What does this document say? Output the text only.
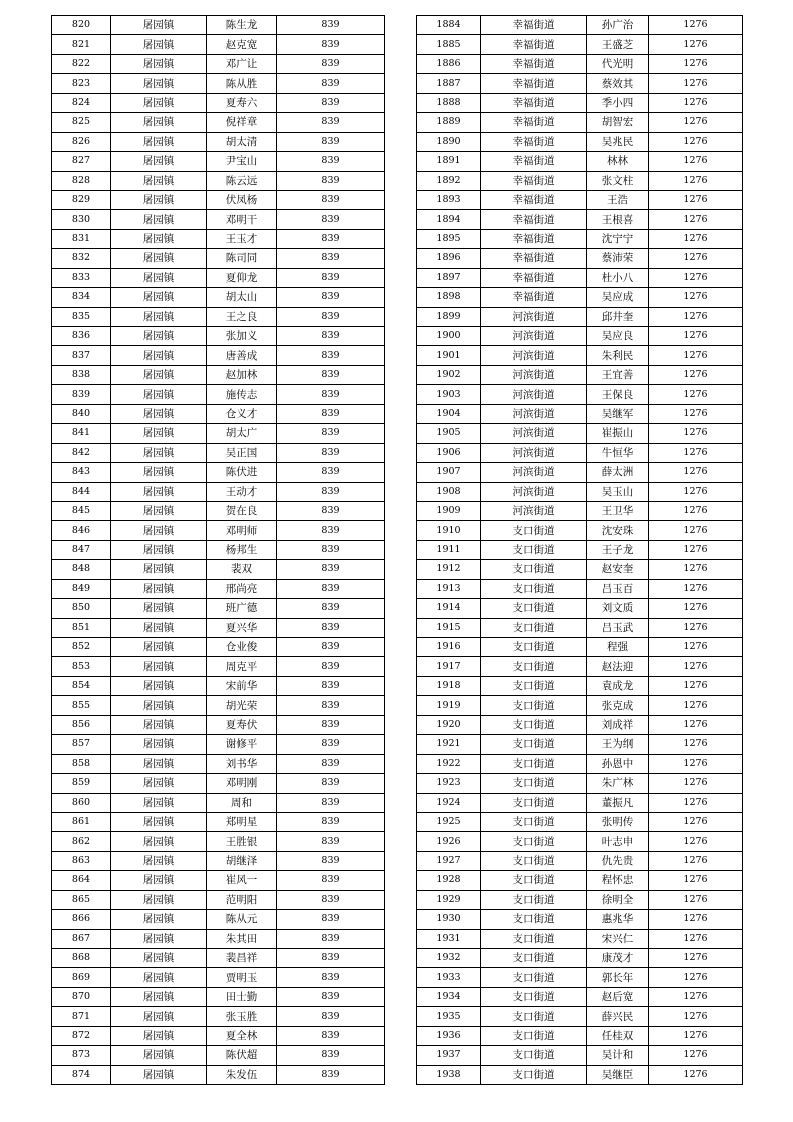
820	屠园镇	陈生龙	839
821	屠园镇	赵克宽	839
822	屠园镇	邓广让	839
823	屠园镇	陈从胜	839
824	屠园镇	夏寿六	839
825	屠园镇	倪祥章	839
826	屠园镇	胡太清	839
827	屠园镇	尹宝山	839
828	屠园镇	陈云远	839
829	屠园镇	伏凤杨	839
830	屠园镇	邓明干	839
831	屠园镇	王玉才	839
832	屠园镇	陈司同	839
833	屠园镇	夏仰龙	839
834	屠园镇	胡太山	839
835	屠园镇	王之良	839
836	屠园镇	张加义	839
837	屠园镇	唐善成	839
838	屠园镇	赵加林	839
839	屠园镇	施传志	839
840	屠园镇	仓义才	839
841	屠园镇	胡太广	839
842	屠园镇	吴正国	839
843	屠园镇	陈伏进	839
844	屠园镇	王动才	839
845	屠园镇	贺在良	839
846	屠园镇	邓明师	839
847	屠园镇	杨邦生	839
848	屠园镇	裴双	839
849	屠园镇	邢尚亮	839
850	屠园镇	班广德	839
851	屠园镇	夏兴华	839
852	屠园镇	仓业俊	839
853	屠园镇	周克平	839
854	屠园镇	宋前华	839
855	屠园镇	胡光荣	839
856	屠园镇	夏寿伏	839
857	屠园镇	谢修平	839
858	屠园镇	刘书华	839
859	屠园镇	邓明刚	839
860	屠园镇	周和	839
861	屠园镇	郑明星	839
862	屠园镇	王胜银	839
863	屠园镇	胡继泽	839
864	屠园镇	崔风一	839
865	屠园镇	范明阳	839
866	屠园镇	陈从元	839
867	屠园镇	朱其田	839
868	屠园镇	裴昌祥	839
869	屠园镇	贾明玉	839
870	屠园镇	田士勤	839
871	屠园镇	张玉胜	839
872	屠园镇	夏全林	839
873	屠园镇	陈伏超	839
874	屠园镇	朱发伍	839
1884	幸福街道	孙广治	1276
1885	幸福街道	王盛芝	1276
1886	幸福街道	代光明	1276
1887	幸福街道	蔡效其	1276
1888	幸福街道	季小四	1276
1889	幸福街道	胡智宏	1276
1890	幸福街道	吴兆民	1276
1891	幸福街道	林林	1276
1892	幸福街道	张文柱	1276
1893	幸福街道	王浩	1276
1894	幸福街道	王根喜	1276
1895	幸福街道	沈宁宁	1276
1896	幸福街道	蔡沛荣	1276
1897	幸福街道	杜小八	1276
1898	幸福街道	吴应成	1276
1899	河滨街道	邱井奎	1276
1900	河滨街道	吴应良	1276
1901	河滨街道	朱利民	1276
1902	河滨街道	王宜善	1276
1903	河滨街道	王保良	1276
1904	河滨街道	吴继军	1276
1905	河滨街道	崔振山	1276
1906	河滨街道	牛恒华	1276
1907	河滨街道	薛太洲	1276
1908	河滨街道	吴玉山	1276
1909	河滨街道	王卫华	1276
1910	支口街道	沈安珠	1276
1911	支口街道	王子龙	1276
1912	支口街道	赵安奎	1276
1913	支口街道	吕玉百	1276
1914	支口街道	刘文质	1276
1915	支口街道	吕玉武	1276
1916	支口街道	程强	1276
1917	支口街道	赵法迎	1276
1918	支口街道	袁成龙	1276
1919	支口街道	张克成	1276
1920	支口街道	刘成祥	1276
1921	支口街道	王为纲	1276
1922	支口街道	孙恩中	1276
1923	支口街道	朱广林	1276
1924	支口街道	董振凡	1276
1925	支口街道	张明传	1276
1926	支口街道	叶志申	1276
1927	支口街道	仇先贵	1276
1928	支口街道	程怀忠	1276
1929	支口街道	徐明全	1276
1930	支口街道	惠兆华	1276
1931	支口街道	宋兴仁	1276
1932	支口街道	康茂才	1276
1933	支口街道	郭长年	1276
1934	支口街道	赵后宽	1276
1935	支口街道	薛兴民	1276
1936	支口街道	任桂双	1276
1937	支口街道	吴计和	1276
1938	支口街道	吴继臣	1276
